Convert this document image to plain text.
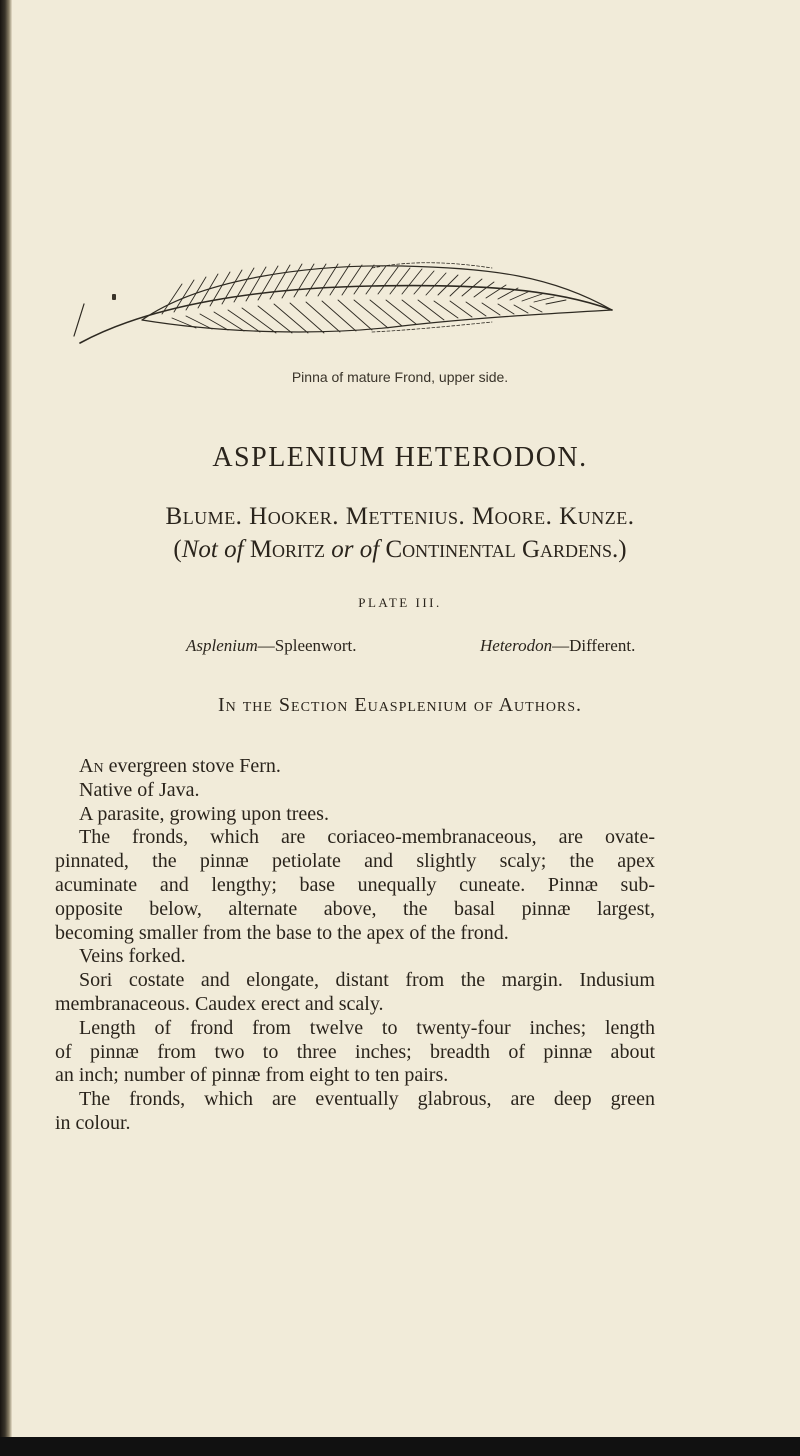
Pinna of mature Frond, upper side.
ASPLENIUM HETERODON.
Blume. Hooker. Mettenius. Moore. Kunze.
(Not of Moritz or of Continental Gardens.)
PLATE III.
Asplenium—Spleenwort.	Heterodon—Different.
In the Section Euasplenium of Authors.

An evergreen stove Fern.

Native of Java.

A parasite, growing upon trees.

The fronds, which are coriaceo-membranaceous, are ovate-

pinnated, the pinnæ petiolate and slightly scaly; the apex

acuminate and lengthy; base unequally cuneate. Pinnæ sub-

opposite below, alternate above, the basal pinnæ largest,

becoming smaller from the base to the apex of the frond.

Veins forked.

Sori costate and elongate, distant from the margin. Indusium

membranaceous. Caudex erect and scaly.

Length of frond from twelve to twenty-four inches; length

of pinnæ from two to three inches; breadth of pinnæ about

an inch; number of pinnæ from eight to ten pairs.

The fronds, which are eventually glabrous, are deep green

in colour.
